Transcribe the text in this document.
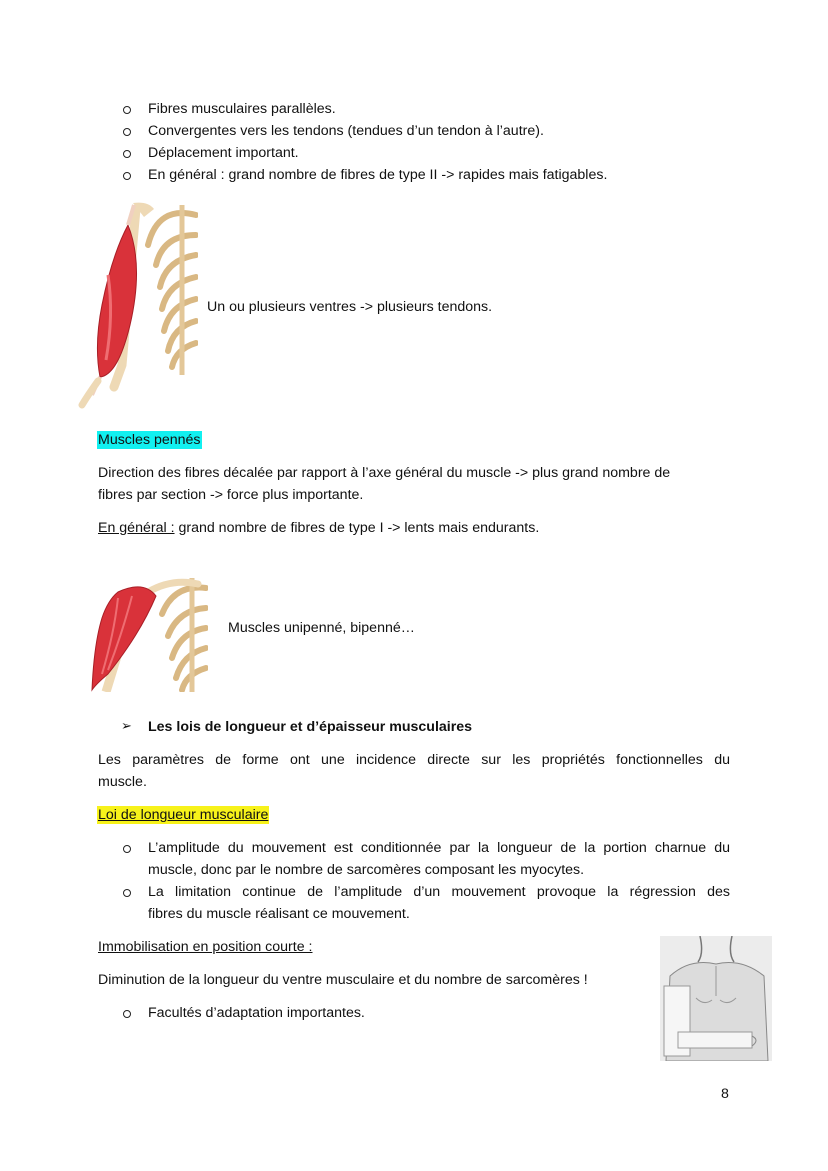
Fibres musculaires parallèles.
Convergentes vers les tendons (tendues d’un tendon à l’autre).
Déplacement important.
En général : grand nombre de fibres de type II -> rapides mais fatigables.
Un ou plusieurs ventres -> plusieurs tendons.
Muscles pennés
Direction des fibres décalée par rapport à l’axe général du muscle -> plus grand nombre de
fibres par section -> force plus importante.
En général : grand nombre de fibres de type I -> lents mais endurants.
Muscles unipenné, bipenné…
➢ Les lois de longueur et d’épaisseur musculaires
Les paramètres de forme ont une incidence directe sur les propriétés fonctionnelles du
muscle.
Loi de longueur musculaire
L’amplitude du mouvement est conditionnée par la longueur de la portion charnue du
muscle, donc par le nombre de sarcomères composant les myocytes.
La limitation continue de l’amplitude d’un mouvement provoque la régression des
fibres du muscle réalisant ce mouvement.
Immobilisation en position courte :
Diminution de la longueur du ventre musculaire et du nombre de sarcomères !
Facultés d’adaptation importantes.
8
